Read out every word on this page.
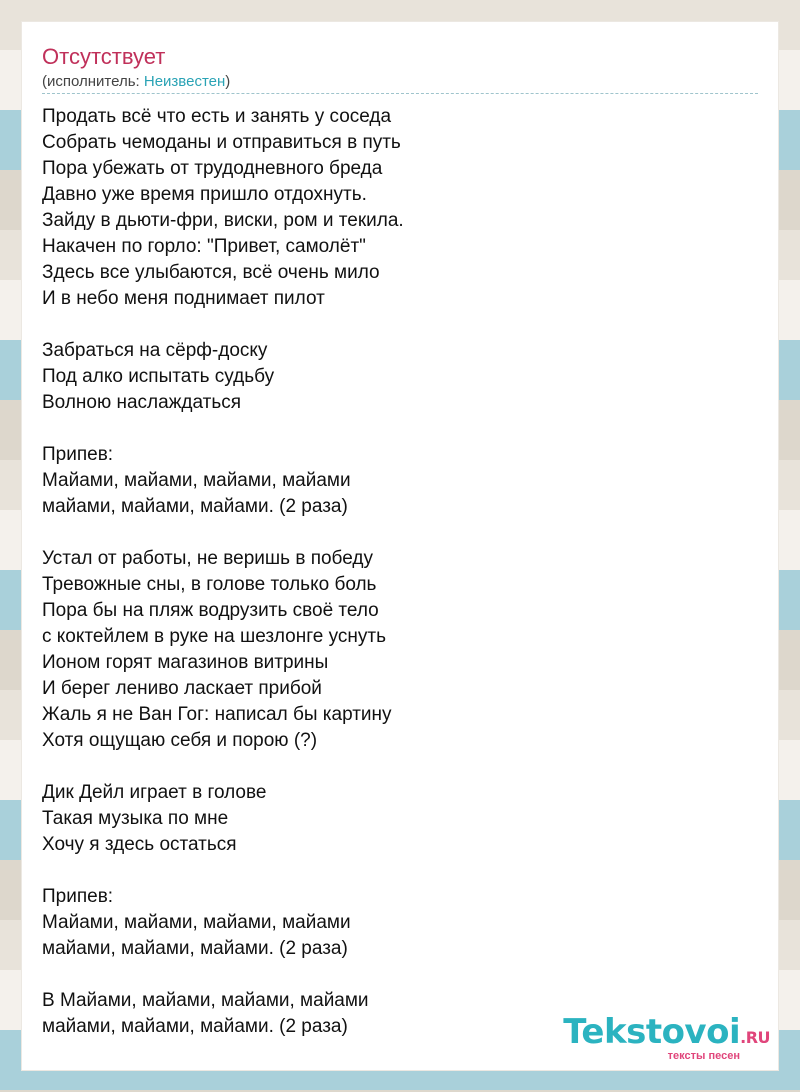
Отсутствует
(исполнитель: Неизвестен)
Продать всё что есть и занять у соседа
Собрать чемоданы и отправиться в путь
Пора убежать от трудодневного бреда
Давно уже время пришло отдохнуть.
Зайду в дьюти-фри, виски, ром и текила.
Накачен по горло: "Привет, самолёт"
Здесь все улыбаются, всё очень мило
И в небо меня поднимает пилот
Забраться на сёрф-доску
Под алко испытать судьбу
Волною наслаждаться
Припев:
Майами, майами, майами, майами
майами, майами, майами. (2 раза)
Устал от работы, не веришь в победу
Тревожные сны, в голове только боль
Пора бы на пляж водрузить своё тело
с коктейлем в руке на шезлонге уснуть
Ионом горят магазинов витрины
И берег лениво ласкает прибой
Жаль я не Ван Гог: написал бы картину
Хотя ощущаю себя и порою (?)
Дик Дейл играет в голове
Такая музыка по мне
Хочу я здесь остаться
Припев:
Майами, майами, майами, майами
майами, майами, майами. (2 раза)
В Майами, майами, майами, майами
майами, майами, майами. (2 раза)	Tekstovoi.RU
тексты песен
